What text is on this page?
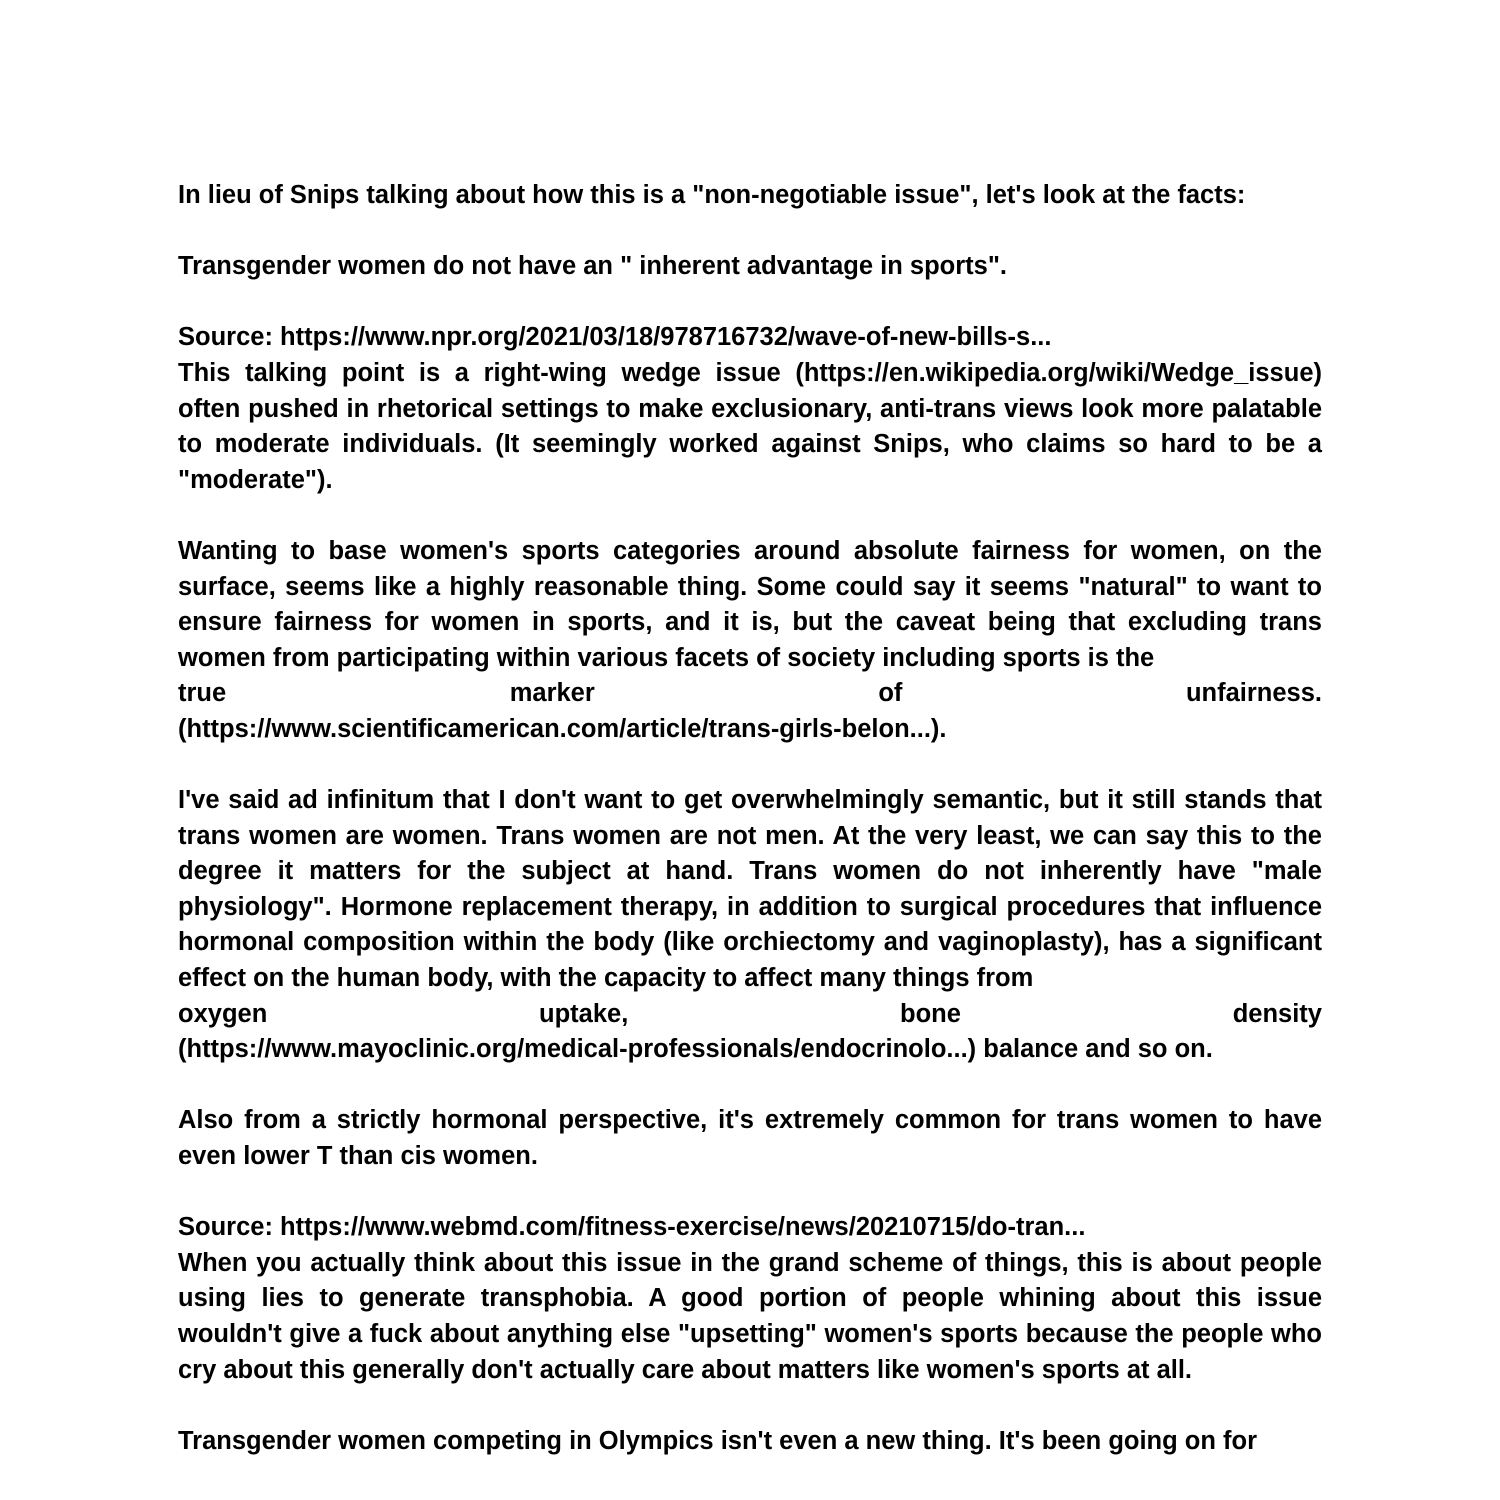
In lieu of Snips talking about how this is a "non-negotiable issue", let's look at the facts:

Transgender women do not have an " inherent advantage in sports".

Source: https://www.npr.org/2021/03/18/978716732/wave-of-new-bills-s...

This talking point is a right-wing wedge issue (https://en.wikipedia.org/wiki/Wedge_issue) often pushed in rhetorical settings to make exclusionary, anti-trans views look more palatable to moderate individuals. (It seemingly worked against Snips, who claims so hard to be a "moderate").

Wanting to base women's sports categories around absolute fairness for women, on the surface, seems like a highly reasonable thing. Some could say it seems "natural" to want to ensure fairness for women in sports, and it is, but the caveat being that excluding trans women from participating within various facets of society including sports is the

true	marker	of	unfairness.

(https://www.scientificamerican.com/article/trans-girls-belon...).

I've said ad infinitum that I don't want to get overwhelmingly semantic, but it still stands that trans women are women. Trans women are not men. At the very least, we can say this to the degree it matters for the subject at hand. Trans women do not inherently have "male physiology". Hormone replacement therapy, in addition to surgical procedures that influence hormonal composition within the body (like orchiectomy and vaginoplasty), has a significant effect on the human body, with the capacity to affect many things from

oxygen	uptake,	bone	density

(https://www.mayoclinic.org/medical-professionals/endocrinolo...) balance and so on.

Also from a strictly hormonal perspective, it's extremely common for trans women to have even lower T than cis women.

Source: https://www.webmd.com/fitness-exercise/news/20210715/do-tran...

When you actually think about this issue in the grand scheme of things, this is about people using lies to generate transphobia. A good portion of people whining about this issue wouldn't give a fuck about anything else "upsetting" women's sports because the people who cry about this generally don't actually care about matters like women's sports at all.

Transgender women competing in Olympics isn't even a new thing. It's been going on for
